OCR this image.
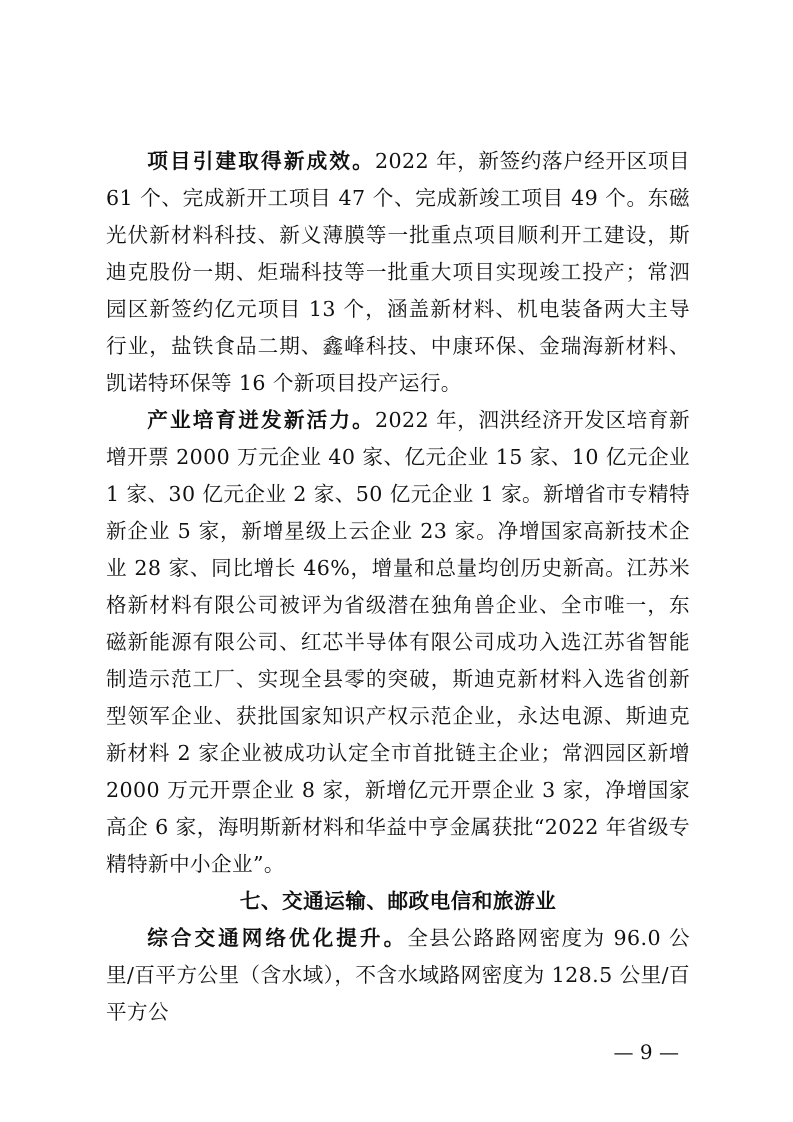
项目引建取得新成效。2022 年，新签约落户经开区项目 61 个、完成新开工项目 47 个、完成新竣工项目 49 个。东磁光伏新材料科技、新义薄膜等一批重点项目顺利开工建设，斯迪克股份一期、炬瑞科技等一批重大项目实现竣工投产；常泗园区新签约亿元项目 13 个，涵盖新材料、机电装备两大主导行业，盐铁食品二期、鑫峰科技、中康环保、金瑞海新材料、凯诺特环保等 16 个新项目投产运行。

产业培育迸发新活力。2022 年，泗洪经济开发区培育新增开票 2000 万元企业 40 家、亿元企业 15 家、10 亿元企业 1 家、30 亿元企业 2 家、50 亿元企业 1 家。新增省市专精特新企业 5 家，新增星级上云企业 23 家。净增国家高新技术企业 28 家、同比增长 46%，增量和总量均创历史新高。江苏米格新材料有限公司被评为省级潜在独角兽企业、全市唯一，东磁新能源有限公司、红芯半导体有限公司成功入选江苏省智能制造示范工厂、实现全县零的突破，斯迪克新材料入选省创新型领军企业、获批国家知识产权示范企业，永达电源、斯迪克新材料 2 家企业被成功认定全市首批链主企业；常泗园区新增 2000 万元开票企业 8 家，新增亿元开票企业 3 家，净增国家高企 6 家，海明斯新材料和华益中亨金属获批“2022 年省级专精特新中小企业”。

七、交通运输、邮政电信和旅游业

综合交通网络优化提升。全县公路路网密度为 96.0 公里/百平方公里（含水域），不含水域路网密度为 128.5 公里/百平方公

— 9 —
